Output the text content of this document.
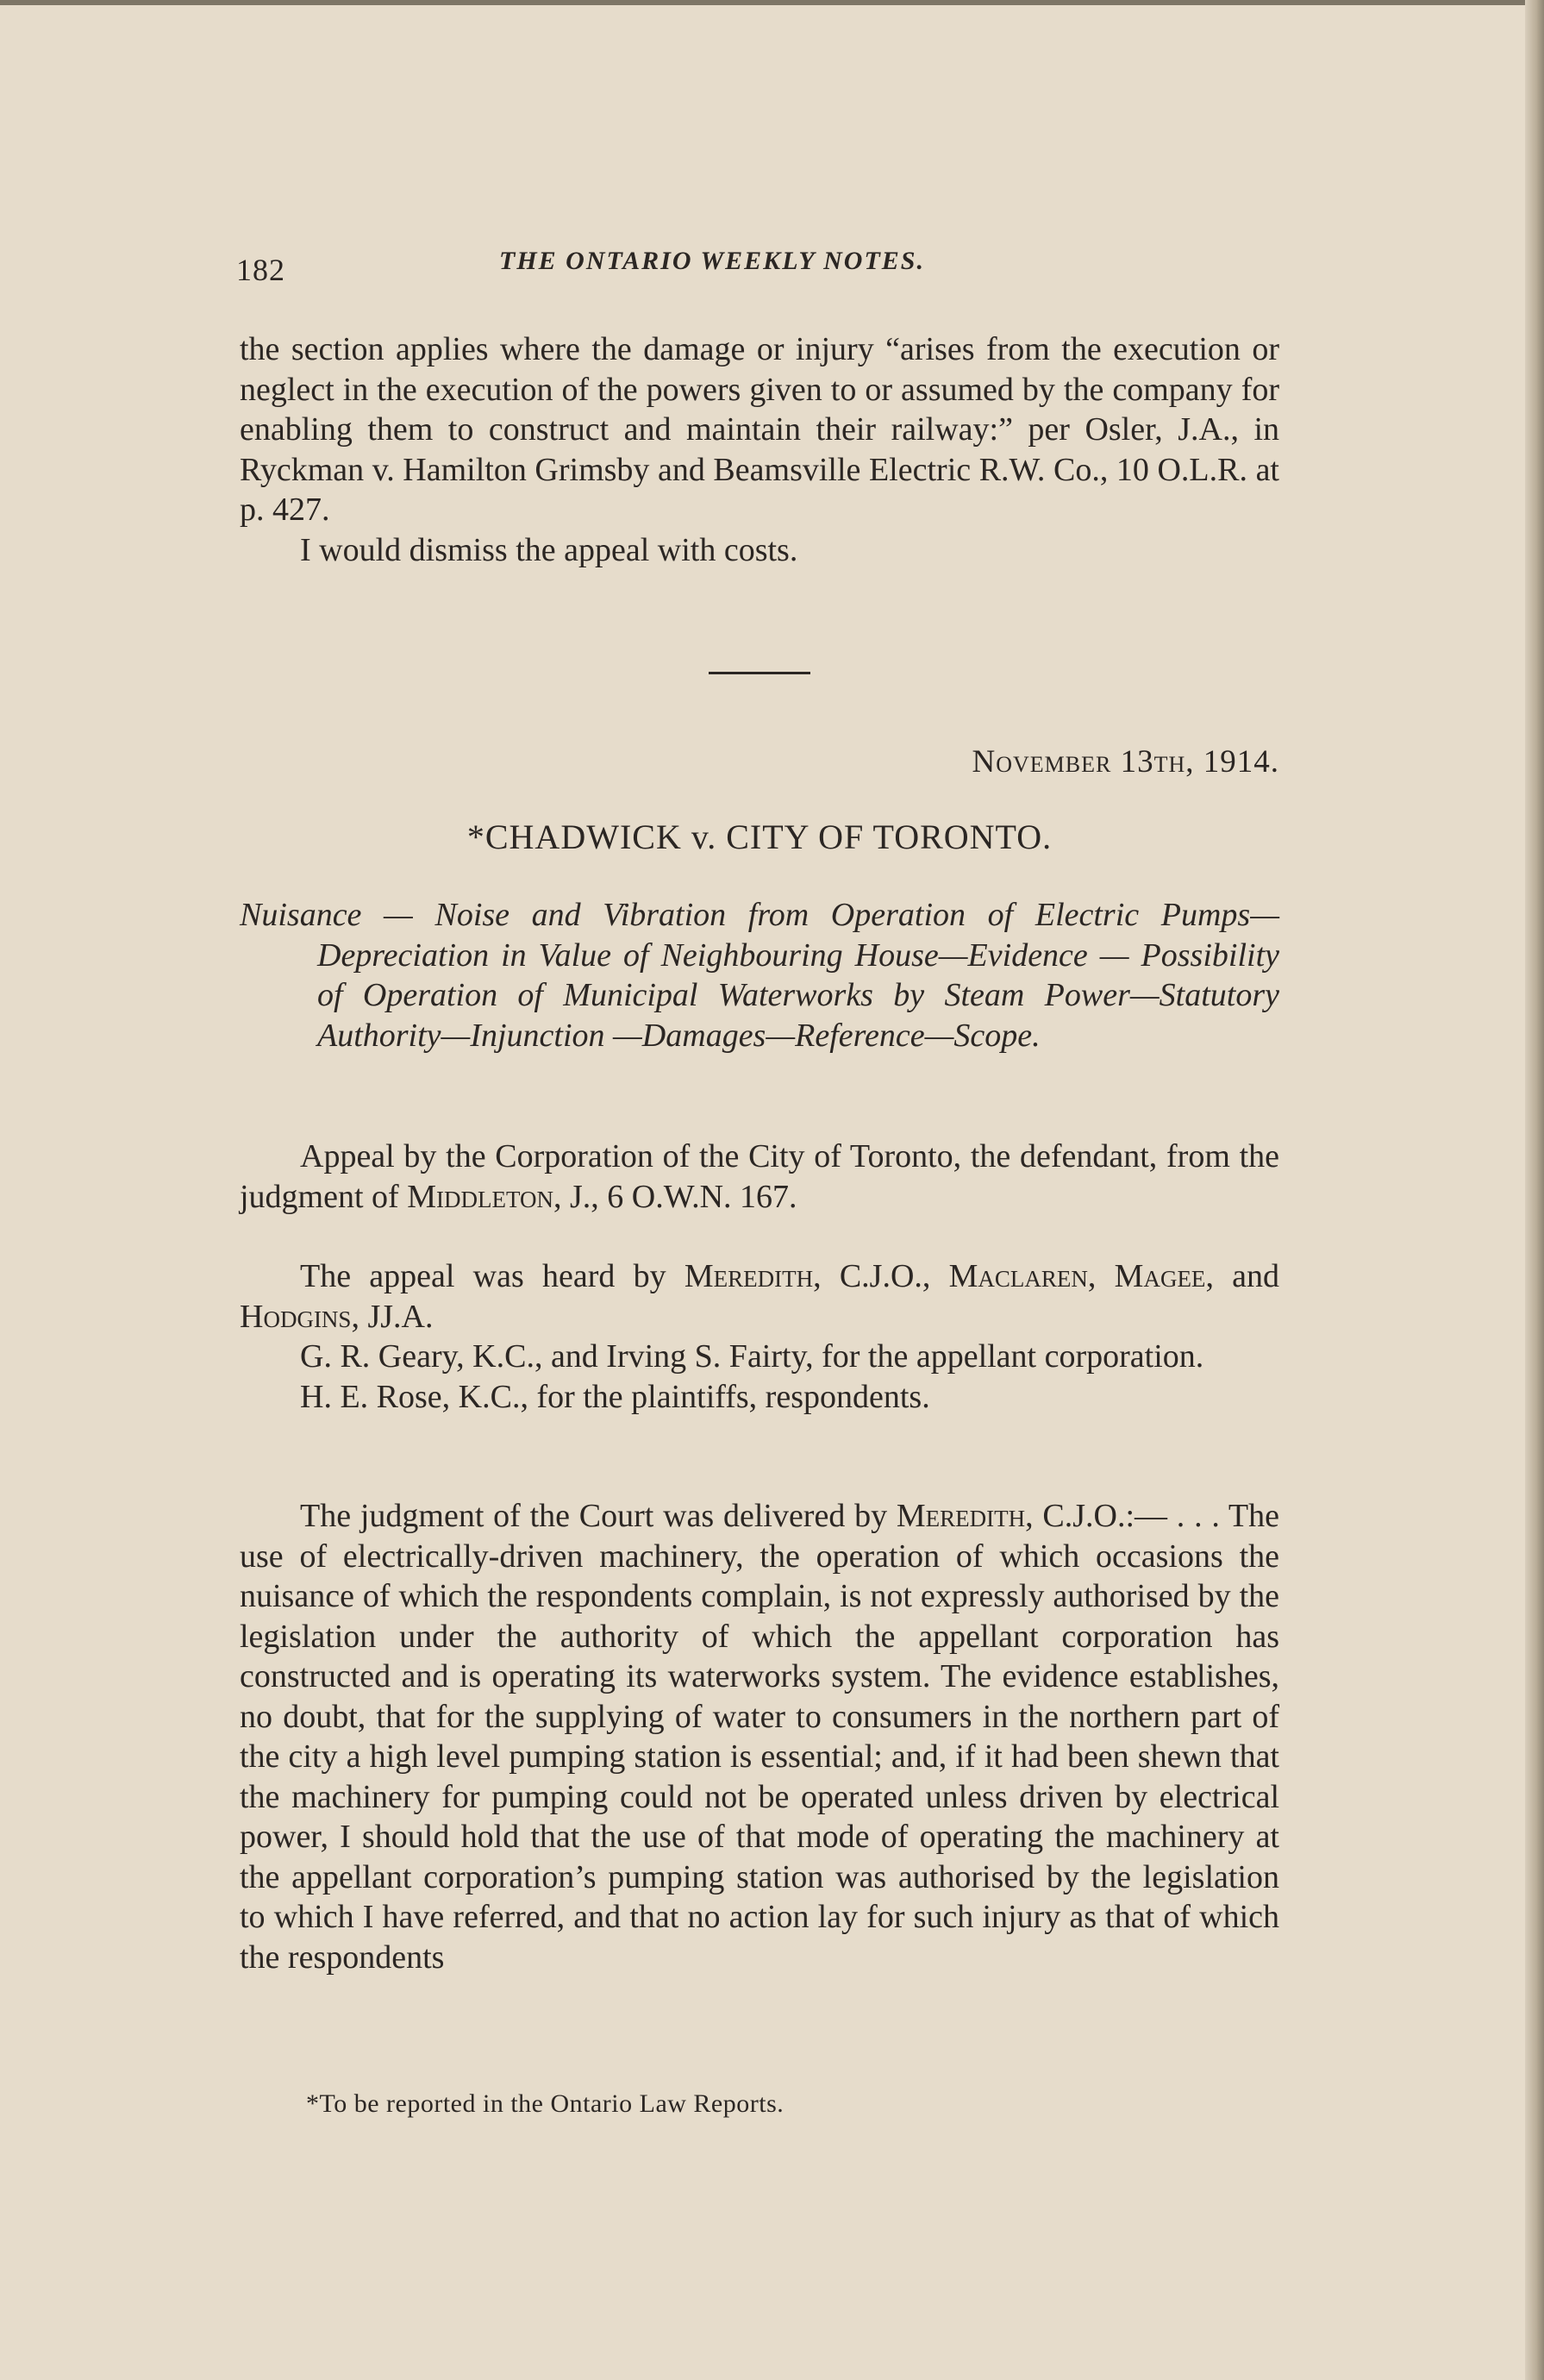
182	THE ONTARIO WEEKLY NOTES.

the section applies where the damage or injury “arises from the execution or neglect in the execution of the powers given to or assumed by the company for enabling them to construct and maintain their railway:” per Osler, J.A., in Ryckman v. Hamilton Grimsby and Beamsville Electric R.W. Co., 10 O.L.R. at p. 427.

I would dismiss the appeal with costs.

November 13th, 1914.
*CHADWICK v. CITY OF TORONTO.

Nuisance — Noise and Vibration from Operation of Electric Pumps—Depreciation in Value of Neighbouring House—Evidence — Possibility of Operation of Municipal Waterworks by Steam Power—Statutory Authority—Injunction —Damages—Reference—Scope.

Appeal by the Corporation of the City of Toronto, the defendant, from the judgment of Middleton, J., 6 O.W.N. 167.

The appeal was heard by Meredith, C.J.O., Maclaren, Magee, and Hodgins, JJ.A.

G. R. Geary, K.C., and Irving S. Fairty, for the appellant corporation.

H. E. Rose, K.C., for the plaintiffs, respondents.

The judgment of the Court was delivered by Meredith, C.J.O.:— . . . The use of electrically-driven machinery, the operation of which occasions the nuisance of which the respondents complain, is not expressly authorised by the legislation under the authority of which the appellant corporation has constructed and is operating its waterworks system. The evidence establishes, no doubt, that for the supplying of water to consumers in the northern part of the city a high level pumping station is essential; and, if it had been shewn that the machinery for pumping could not be operated unless driven by electrical power, I should hold that the use of that mode of operating the machinery at the appellant corporation’s pumping station was authorised by the legislation to which I have referred, and that no action lay for such injury as that of which the respondents

*To be reported in the Ontario Law Reports.
